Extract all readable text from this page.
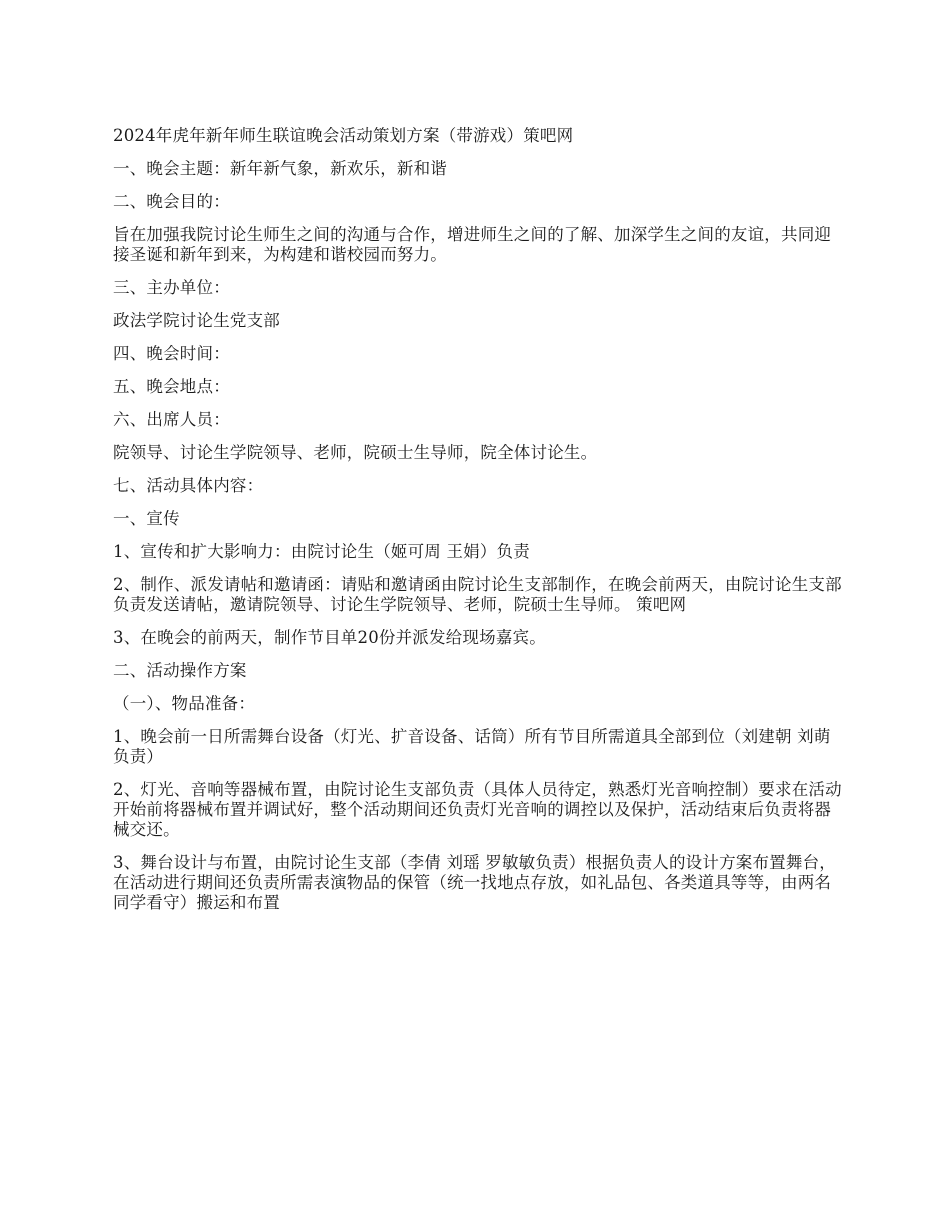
2024年虎年新年师生联谊晚会活动策划方案（带游戏）策吧网

一、晚会主题：新年新气象，新欢乐，新和谐

二、晚会目的：

旨在加强我院讨论生师生之间的沟通与合作，增进师生之间的了解、加深学生之间的友谊，共同迎接圣诞和新年到来，为构建和谐校园而努力。

三、主办单位：

政法学院讨论生党支部

四、晚会时间：

五、晚会地点：

六、出席人员：

院领导、讨论生学院领导、老师，院硕士生导师，院全体讨论生。

七、活动具体内容：

一、宣传

1、宣传和扩大影响力：由院讨论生（姬可周 王娟）负责

2、制作、派发请帖和邀请函：请贴和邀请函由院讨论生支部制作，在晚会前两天，由院讨论生支部负责发送请帖，邀请院领导、讨论生学院领导、老师，院硕士生导师。 策吧网

3、在晚会的前两天，制作节目单20份并派发给现场嘉宾。

二、活动操作方案

（一）、物品准备：

1、晚会前一日所需舞台设备（灯光、扩音设备、话筒）所有节目所需道具全部到位（刘建朝 刘萌负责）

2、灯光、音响等器械布置，由院讨论生支部负责（具体人员待定，熟悉灯光音响控制）要求在活动开始前将器械布置并调试好，整个活动期间还负责灯光音响的调控以及保护，活动结束后负责将器械交还。

3、舞台设计与布置，由院讨论生支部（李倩 刘瑶 罗敏敏负责）根据负责人的设计方案布置舞台，在活动进行期间还负责所需表演物品的保管（统一找地点存放，如礼品包、各类道具等等，由两名同学看守）搬运和布置
